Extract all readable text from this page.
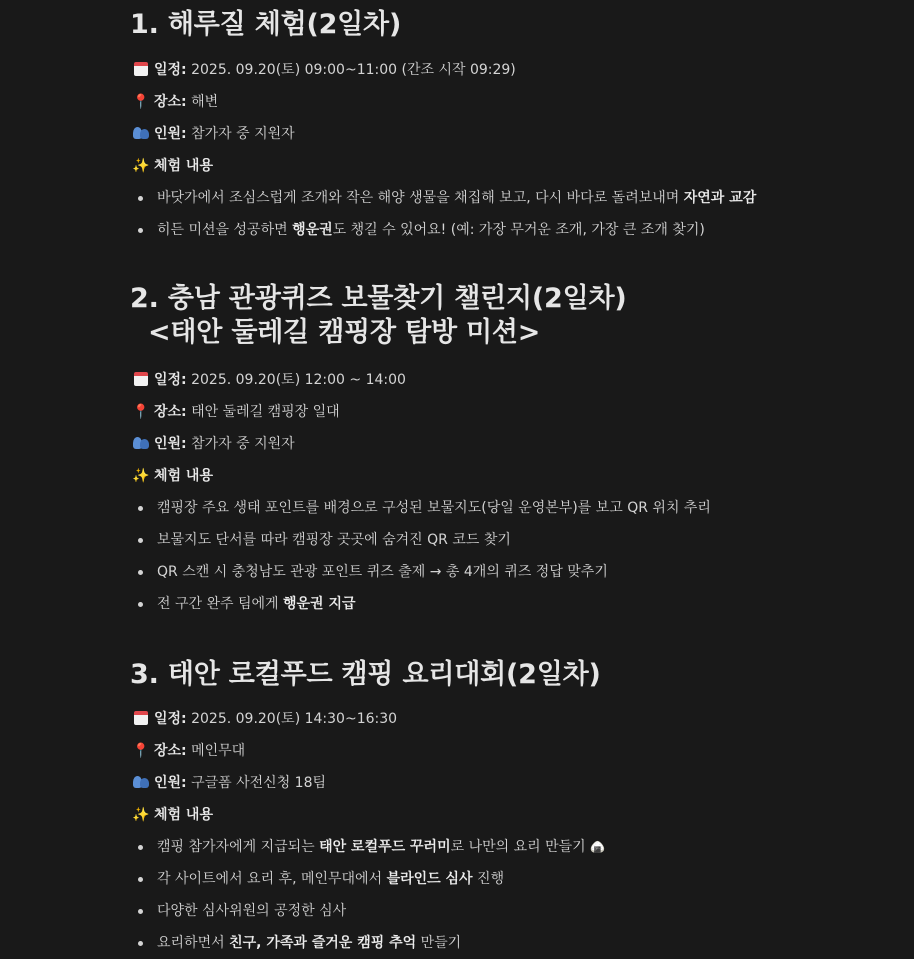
1. 해루질 체험(2일차)
일정: 2025. 09.20(토) 09:00~11:00 (간조 시작 09:29)
📍 장소: 해변
인원: 참가자 중 지원자
✨ 체험 내용
바닷가에서 조심스럽게 조개와 작은 해양 생물을 채집해 보고, 다시 바다로 돌려보내며 자연과 교감
히든 미션을 성공하면 행운권도 챙길 수 있어요! (예: 가장 무거운 조개, 가장 큰 조개 찾기)
2. 충남 관광퀴즈 보물찾기 챌린지(2일차)
<태안 둘레길 캠핑장 탐방 미션>
일정: 2025. 09.20(토) 12:00 ~ 14:00
📍 장소: 태안 둘레길 캠핑장 일대
인원: 참가자 중 지원자
✨ 체험 내용
캠핑장 주요 생태 포인트를 배경으로 구성된 보물지도(당일 운영본부)를 보고 QR 위치 추리
보물지도 단서를 따라 캠핑장 곳곳에 숨겨진 QR 코드 찾기
QR 스캔 시 충청남도 관광 포인트 퀴즈 출제 → 총 4개의 퀴즈 정답 맞추기
전 구간 완주 팀에게 행운권 지급
3. 태안 로컬푸드 캠핑 요리대회(2일차)
일정: 2025. 09.20(토) 14:30~16:30
📍 장소: 메인무대
인원: 구글폼 사전신청 18팀
✨ 체험 내용
캠핑 참가자에게 지급되는 태안 로컬푸드 꾸러미로 나만의 요리 만들기 🍙
각 사이트에서 요리 후, 메인무대에서 블라인드 심사 진행
다양한 심사위원의 공정한 심사
요리하면서 친구, 가족과 즐거운 캠핑 추억 만들기
